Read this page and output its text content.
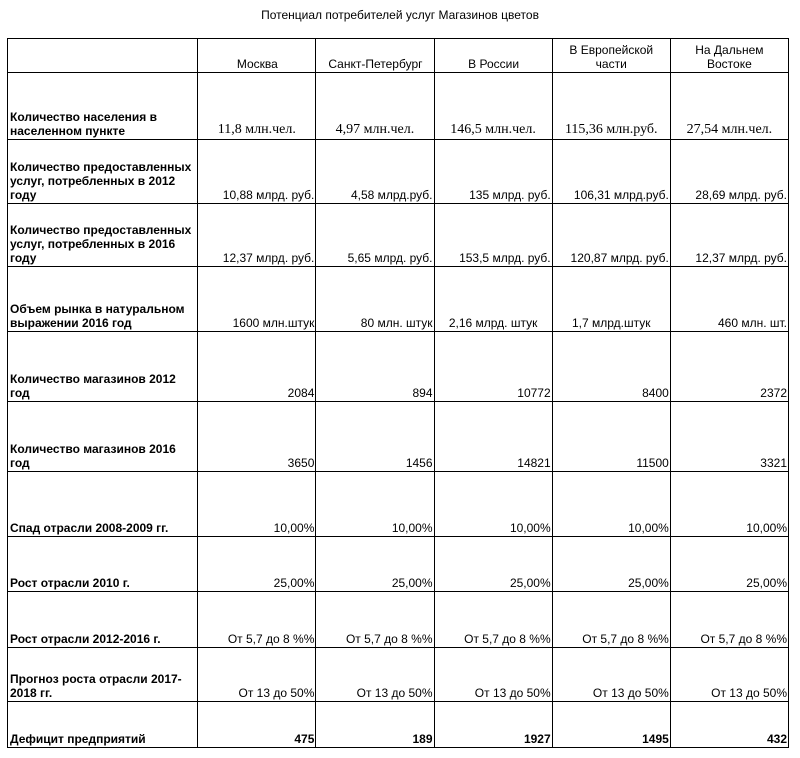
Потенциал потребителей услуг Магазинов цветов
	Москва	Санкт-Петербург	В России	В Европейской части	На Дальнем Востоке
Количество населения в населенном пункте	11,8 млн.чел.	4,97 млн.чел.	146,5 млн.чел.	115,36 млн.руб.	27,54 млн.чел.
Количество предоставленных услуг, потребленных в 2012 году	10,88 млрд. руб.	4,58 млрд.руб.	135 млрд. руб.	106,31 млрд.руб.	28,69 млрд. руб.
Количество предоставленных услуг, потребленных в 2016 году	12,37 млрд. руб.	5,65 млрд. руб.	153,5 млрд. руб.	120,87 млрд. руб.	12,37 млрд. руб.
Объем рынка в натуральном выражении 2016 год	1600 млн.штук	80 млн. штук	2,16 млрд. штук	1,7 млрд.штук	460 млн. шт.
Количество магазинов 2012 год	2084	894	10772	8400	2372
Количество магазинов 2016 год	3650	1456	14821	11500	3321
Спад отрасли 2008-2009 гг.	10,00%	10,00%	10,00%	10,00%	10,00%
Рост отрасли 2010 г.	25,00%	25,00%	25,00%	25,00%	25,00%
Рост отрасли 2012-2016 г.	От 5,7 до 8 %%	От 5,7 до 8 %%	От 5,7 до 8 %%	От 5,7 до 8 %%	От 5,7 до 8 %%
Прогноз роста отрасли 2017-2018 гг.	От 13 до 50%	От 13 до 50%	От 13 до 50%	От 13 до 50%	От 13 до 50%
Дефицит предприятий	475	189	1927	1495	432
